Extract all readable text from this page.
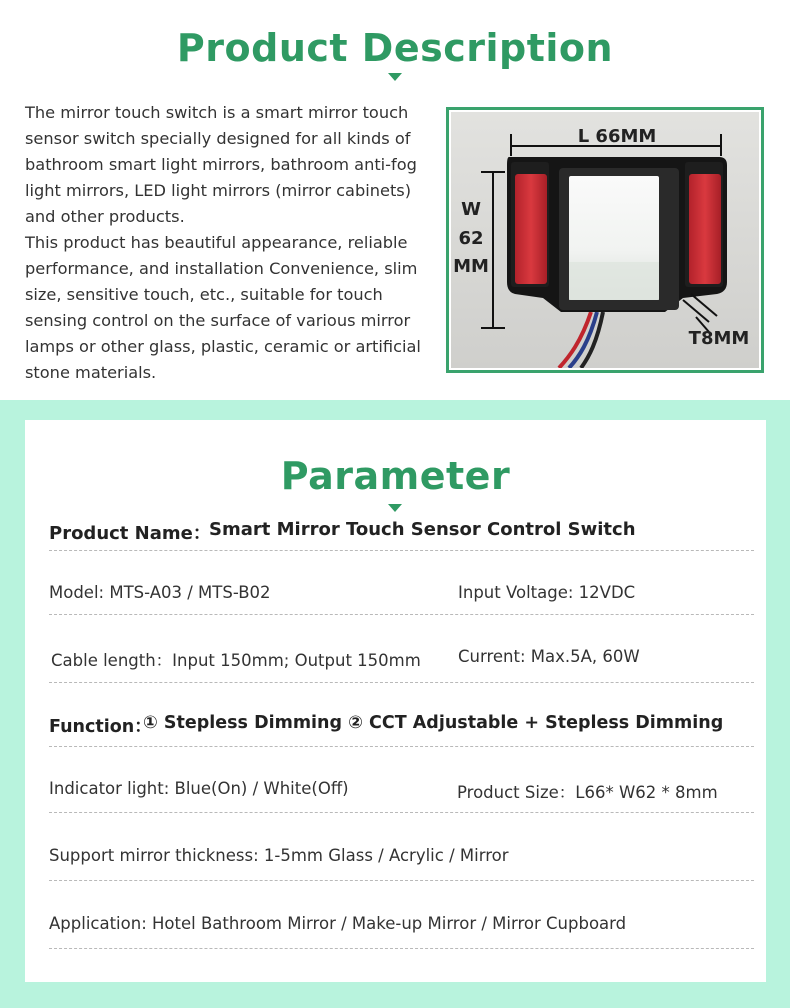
Product Description

The mirror touch switch is a smart mirror touch sensor switch specially designed for all kinds of bathroom smart light mirrors, bathroom anti-fog light mirrors, LED light mirrors (mirror cabinets) and other products.

This product has beautiful appearance, reliable performance, and installation Convenience, slim size, sensitive touch, etc., suitable for touch sensing control on the surface of various mirror lamps or other glass, plastic, ceramic or artificial stone materials.

L 66MM
W
62
MM
T8MM
Parameter
Product Name：
Smart Mirror Touch Sensor Control Switch
Model: MTS-A03 / MTS-B02	Input Voltage: 12VDC
Cable length：Input 150mm; Output 150mm Current: Max.5A, 60W
Function：
① Stepless Dimming ② CCT Adjustable + Stepless Dimming
Indicator light: Blue(On) / White(Off)	Product Size：L66* W62 * 8mm
Support mirror thickness: 1-5mm Glass / Acrylic / Mirror
Application: Hotel Bathroom Mirror / Make-up Mirror / Mirror Cupboard
